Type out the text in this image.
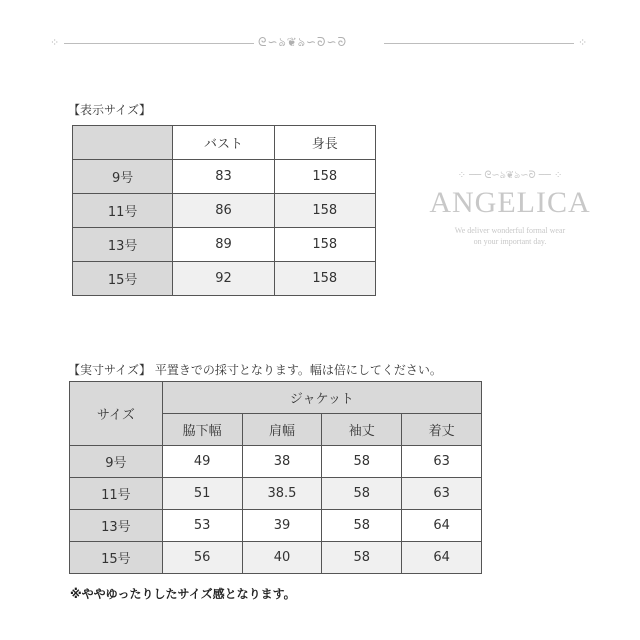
⁘	ᘓ∽ঌ❦ঌ∽ᘐ∽ᘐ	⁘
【表示サイズ】
	バスト	身長
9号	83	158
11号	86	158
13号	89	158
15号	92	158
⁘ ── ᘓ∽ঌ❦ঌ∽ᘐ ── ⁘
ANGELICA
We deliver wonderful formal wear
on your important day.
【実寸サイズ】 平置きでの採寸となります。幅は倍にしてください。
サイズ	ジャケット			
	脇下幅	肩幅	袖丈	着丈
9号	49	38	58	63
11号	51	38.5	58	63
13号	53	39	58	64
15号	56	40	58	64
※ややゆったりしたサイズ感となります。
